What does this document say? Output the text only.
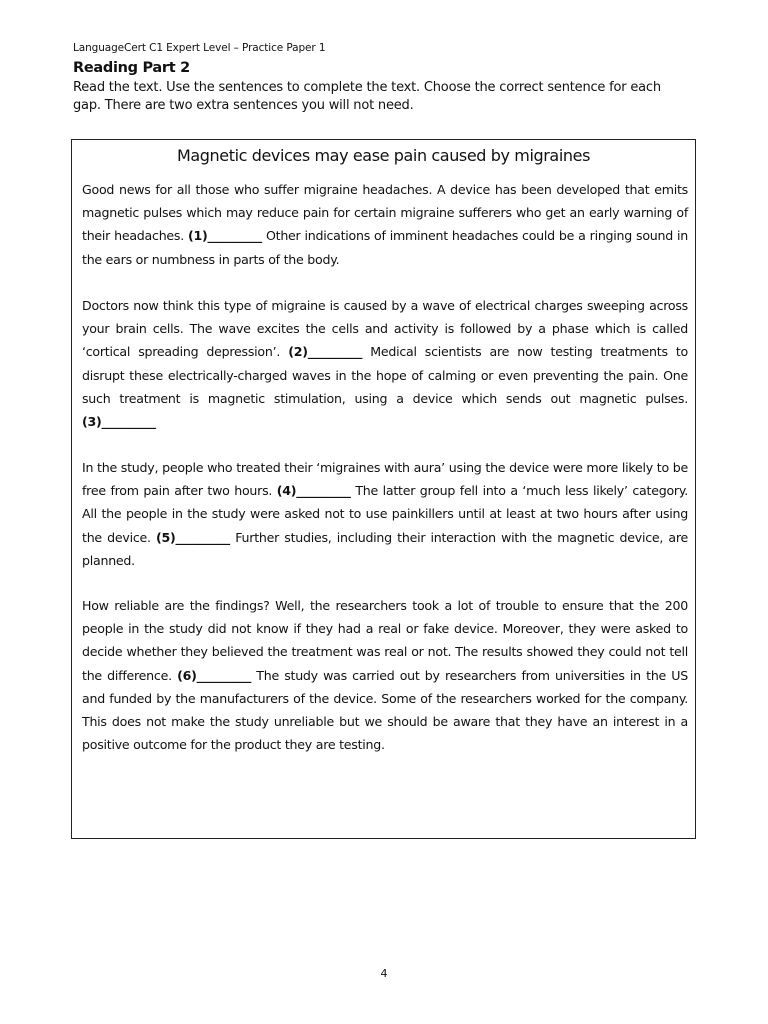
LanguageCert C1 Expert Level – Practice Paper 1
Reading Part 2
Read the text. Use the sentences to complete the text. Choose the correct sentence for each gap. There are two extra sentences you will not need.
Magnetic devices may ease pain caused by migraines

Good news for all those who suffer migraine headaches. A device has been developed that emits magnetic pulses which may reduce pain for certain migraine sufferers who get an early warning of their headaches. (1)_________ Other indications of imminent headaches could be a ringing sound in the ears or numbness in parts of the body.

Doctors now think this type of migraine is caused by a wave of electrical charges sweeping across your brain cells. The wave excites the cells and activity is followed by a phase which is called ‘cortical spreading depression’. (2)_________ Medical scientists are now testing treatments to disrupt these electrically-charged waves in the hope of calming or even preventing the pain. One such treatment is magnetic stimulation, using a device which sends out magnetic pulses. (3)_________

In the study, people who treated their ‘migraines with aura’ using the device were more likely to be free from pain after two hours. (4)_________ The latter group fell into a ‘much less likely’ category. All the people in the study were asked not to use painkillers until at least at two hours after using the device. (5)_________ Further studies, including their interaction with the magnetic device, are planned.

How reliable are the findings? Well, the researchers took a lot of trouble to ensure that the 200 people in the study did not know if they had a real or fake device. Moreover, they were asked to decide whether they believed the treatment was real or not. The results showed they could not tell the difference. (6)_________ The study was carried out by researchers from universities in the US and funded by the manufacturers of the device. Some of the researchers worked for the company. This does not make the study unreliable but we should be aware that they have an interest in a positive outcome for the product they are testing.

4
